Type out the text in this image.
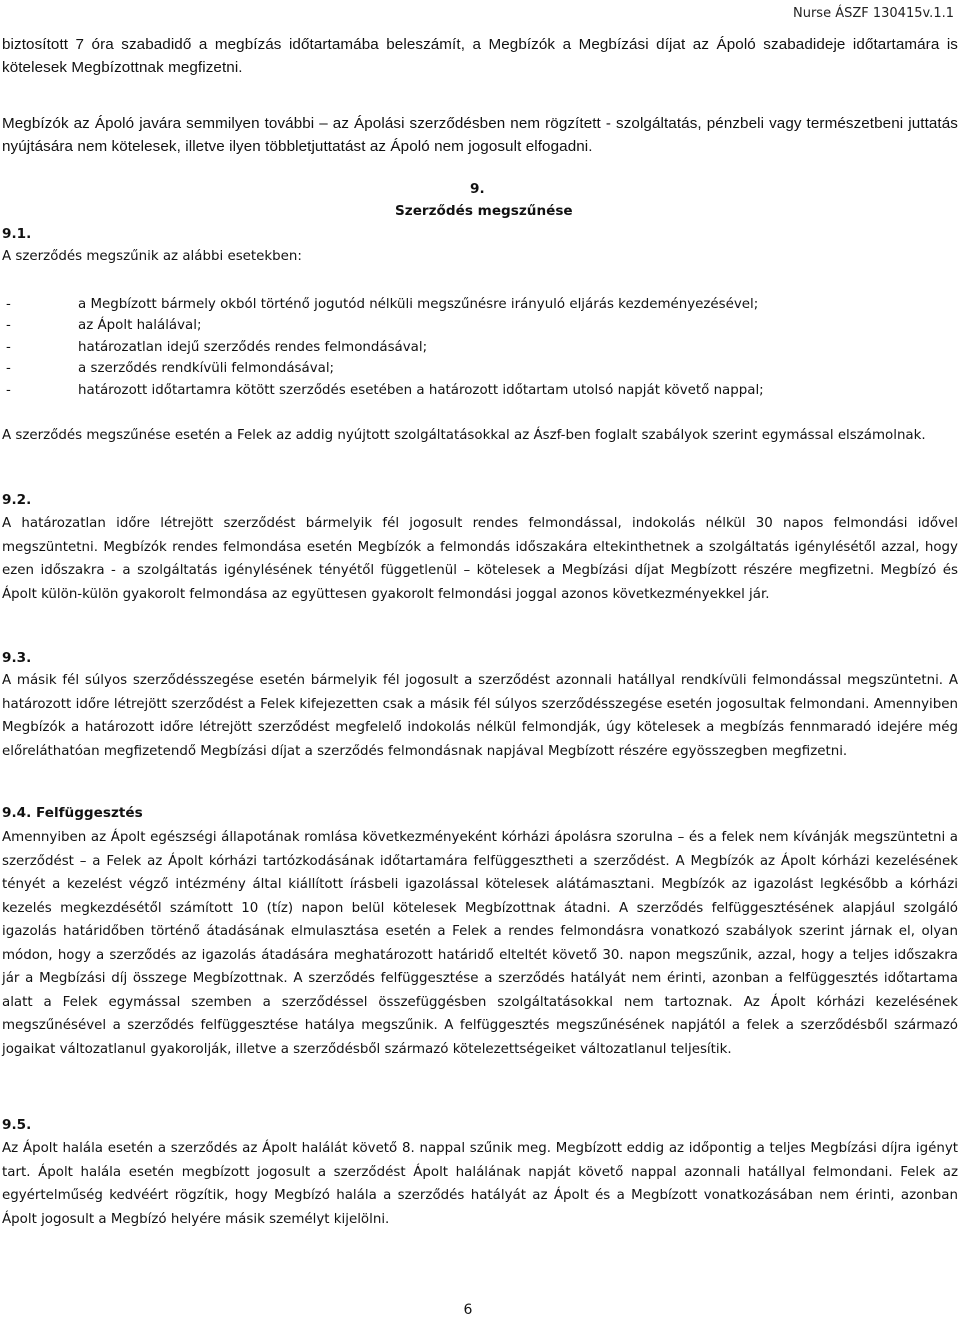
Nurse ÁSZF 130415v.1.1
biztosított 7 óra szabadidő a megbízás időtartamába beleszámít, a Megbízók a Megbízási díjat az Ápoló szabadideje időtartamára is kötelesek Megbízottnak megfizetni.
Megbízók az Ápoló javára semmilyen további – az Ápolási szerződésben nem rögzített - szolgáltatás, pénzbeli vagy természetbeni juttatás nyújtására nem kötelesek, illetve ilyen többletjuttatást az Ápoló nem jogosult elfogadni.
9.
Szerződés megszűnése
9.1.
A szerződés megszűnik az alábbi esetekben:
-	a Megbízott bármely okból történő jogutód nélküli megszűnésre irányuló eljárás kezdeményezésével;
-	az Ápolt halálával;
-	határozatlan idejű szerződés rendes felmondásával;
-	a szerződés rendkívüli felmondásával;
-	határozott időtartamra kötött szerződés esetében a határozott időtartam utolsó napját követő nappal;
A szerződés megszűnése esetén a Felek az addig nyújtott szolgáltatásokkal az Ászf-ben foglalt szabályok szerint egymással elszámolnak.
9.2.
A határozatlan időre létrejött szerződést bármelyik fél jogosult rendes felmondással, indokolás nélkül 30 napos felmondási idővel megszüntetni. Megbízók rendes felmondása esetén Megbízók a felmondás időszakára eltekinthetnek a szolgáltatás igénylésétől azzal, hogy ezen időszakra - a szolgáltatás igénylésének tényétől függetlenül – kötelesek a Megbízási díjat Megbízott részére megfizetni. Megbízó és Ápolt külön-külön gyakorolt felmondása az együttesen gyakorolt felmondási joggal azonos következményekkel jár.
9.3.
A másik fél súlyos szerződésszegése esetén bármelyik fél jogosult a szerződést azonnali hatállyal rendkívüli felmondással megszüntetni. A határozott időre létrejött szerződést a Felek kifejezetten csak a másik fél súlyos szerződésszegése esetén jogosultak felmondani. Amennyiben Megbízók a határozott időre létrejött szerződést megfelelő indokolás nélkül felmondják, úgy kötelesek a megbízás fennmaradó idejére még előreláthatóan megfizetendő Megbízási díjat a szerződés felmondásnak napjával Megbízott részére egyösszegben megfizetni.
9.4. Felfüggesztés
Amennyiben az Ápolt egészségi állapotának romlása következményeként kórházi ápolásra szorulna – és a felek nem kívánják megszüntetni a szerződést – a Felek az Ápolt kórházi tartózkodásának időtartamára felfüggesztheti a szerződést. A Megbízók az Ápolt kórházi kezelésének tényét a kezelést végző intézmény által kiállított írásbeli igazolással kötelesek alátámasztani. Megbízók az igazolást legkésőbb a kórházi kezelés megkezdésétől számított 10 (tíz) napon belül kötelesek Megbízottnak átadni. A szerződés felfüggesztésének alapjául szolgáló igazolás határidőben történő átadásának elmulasztása esetén a Felek a rendes felmondásra vonatkozó szabályok szerint járnak el, olyan módon, hogy a szerződés az igazolás átadására meghatározott határidő elteltét követő 30. napon megszűnik, azzal, hogy a teljes időszakra jár a Megbízási díj összege Megbízottnak. A szerződés felfüggesztése a szerződés hatályát nem érinti, azonban a felfüggesztés időtartama alatt a Felek egymással szemben a szerződéssel összefüggésben szolgáltatásokkal nem tartoznak. Az Ápolt kórházi kezelésének megszűnésével a szerződés felfüggesztése hatálya megszűnik. A felfüggesztés megszűnésének napjától a felek a szerződésből származó jogaikat változatlanul gyakorolják, illetve a szerződésből származó kötelezettségeiket változatlanul teljesítik.
9.5.
Az Ápolt halála esetén a szerződés az Ápolt halálát követő 8. nappal szűnik meg. Megbízott eddig az időpontig a teljes Megbízási díjra igényt tart. Ápolt halála esetén megbízott jogosult a szerződést Ápolt halálának napját követő nappal azonnali hatállyal felmondani. Felek az egyértelműség kedvéért rögzítik, hogy Megbízó halála a szerződés hatályát az Ápolt és a Megbízott vonatkozásában nem érinti, azonban Ápolt jogosult a Megbízó helyére másik személyt kijelölni.
6
